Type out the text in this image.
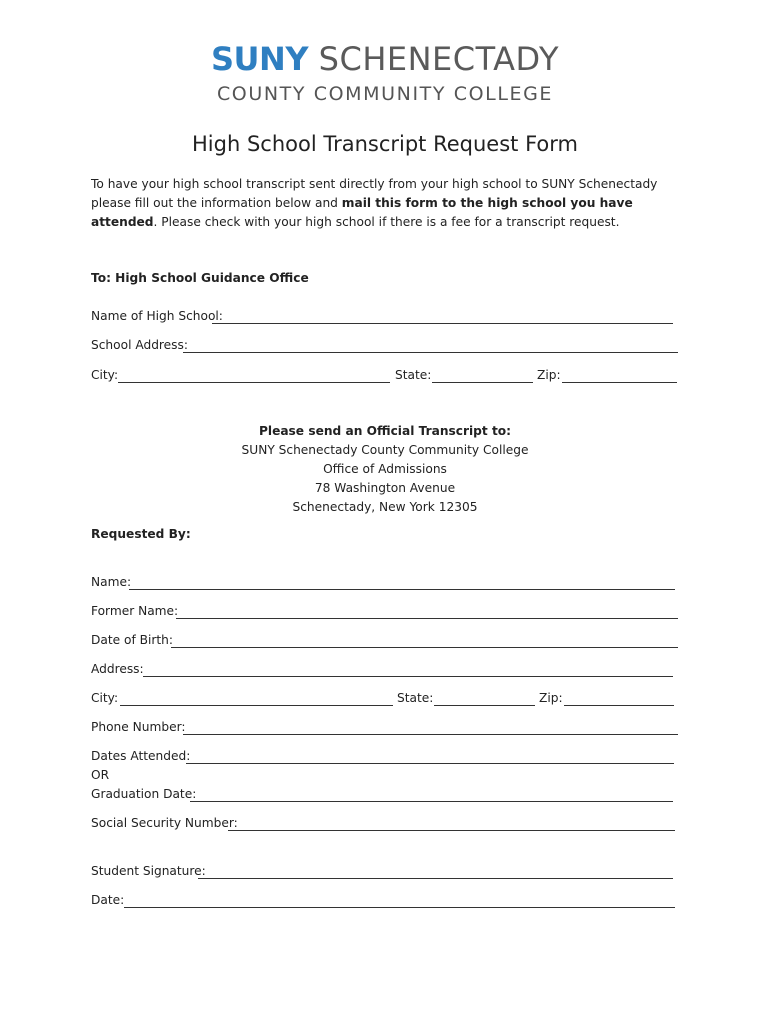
SUNY SCHENECTADY
COUNTY COMMUNITY COLLEGE
High School Transcript Request Form
To have your high school transcript sent directly from your high school to SUNY Schenectady please fill out the information below and mail this form to the high school you have attended. Please check with your high school if there is a fee for a transcript request.
To: High School Guidance Office
Name of High School:
School Address:
City:	State:	Zip:
Please send an Official Transcript to:
SUNY Schenectady County Community College
Office of Admissions
78 Washington Avenue
Schenectady, New York 12305
Requested By:
Name:
Former Name:
Date of Birth:
Address:
City:	State:	Zip:
Phone Number:
Dates Attended:
OR
Graduation Date:
Social Security Number:
Student Signature:
Date:
